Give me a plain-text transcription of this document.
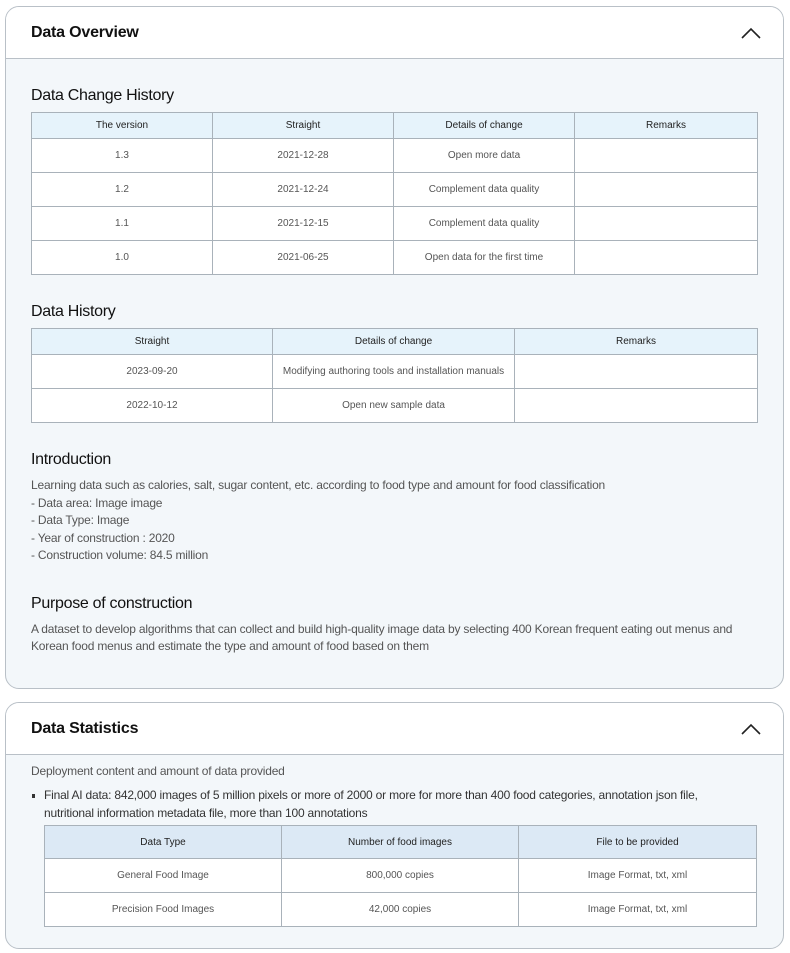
Data Overview
Data Change History
The version	Straight	Details of change	Remarks
1.3	2021-12-28	Open more data	
1.2	2021-12-24	Complement data quality	
1.1	2021-12-15	Complement data quality	
1.0	2021-06-25	Open data for the first time	
Data History
Straight	Details of change	Remarks
2023-09-20	Modifying authoring tools and installation manuals	
2022-10-12	Open new sample data	
Introduction
Learning data such as calories, salt, sugar content, etc. according to food type and amount for food classification
- Data area: Image image
- Data Type: Image
- Year of construction : 2020
- Construction volume: 84.5 million
Purpose of construction
A dataset to develop algorithms that can collect and build high-quality image data by selecting 400 Korean frequent eating out menus and Korean food menus and estimate the type and amount of food based on them
Data Statistics
Deployment content and amount of data provided
Final AI data: 842,000 images of 5 million pixels or more of 2000 or more for more than 400 food categories, annotation json file, nutritional information metadata file, more than 100 annotations
Data Type	Number of food images	File to be provided
General Food Image	800,000 copies	Image Format, txt, xml
Precision Food Images	42,000 copies	Image Format, txt, xml
